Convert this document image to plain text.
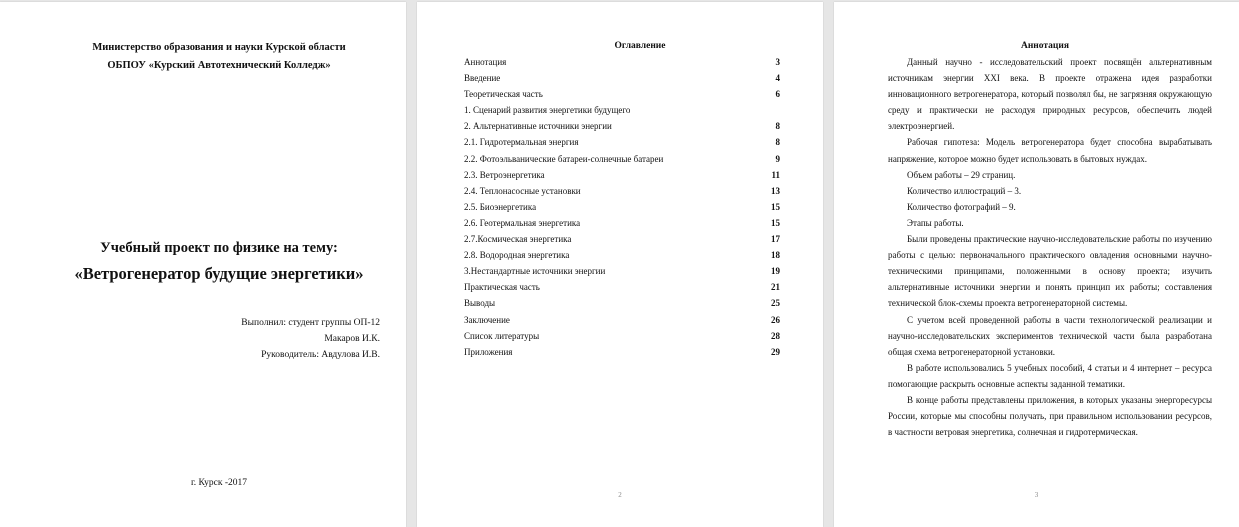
Министерство образования и науки Курской области
ОБПОУ «Курский Автотехнический Колледж»
Учебный проект по физике на тему:
«Ветрогенератор будущие энергетики»
Выполнил: студент группы ОП-12
Макаров И.К.
Руководитель: Авдулова И.В.
г. Курск -2017
Оглавление
Аннотация	3
Введение	4
Теоретическая часть	6
1. Сценарий развития энергетики будущего
2. Альтернативные источники энергии	8
2.1. Гидротермальная энергия	8
2.2. Фотоэльванические батареи-солнечные батареи	9
2.3. Ветроэнергетика	11
2.4. Теплонасосные установки	13
2.5. Биоэнергетика	15
2.6. Геотермальная энергетика	15
2.7.Космическая энергетика	17
2.8. Водородная энергетика	18
3.Нестандартные источники энергии	19
Практическая часть	21
Выводы	25
Заключение	26
Список литературы	28
Приложения	29
2
Аннотация

Данный научно - исследовательский проект посвящён альтернативным источникам энергии XXI века. В проекте отражена идея разработки инновационного ветрогенератора, который позволял бы, не загрязняя окружающую среду и практически не расходуя природных ресурсов, обеспечить людей электроэнергией.

Рабочая гипотеза: Модель ветрогенератора будет способна вырабатывать напряжение, которое можно будет использовать в бытовых нуждах.

Объем работы – 29 страниц.

Количество иллюстраций – 3.

Количество фотографий – 9.

Этапы работы.

Были проведены практические научно-исследовательские работы по изучению работы с целью: первоначального практического овладения основными научно-техническими принципами, положенными в основу проекта; изучить альтернативные источники энергии и понять принцип их работы; составления технической блок-схемы проекта ветрогенераторной системы.

С учетом всей проведенной работы в части технологической реализации и научно-исследовательских экспериментов технической части была разработана общая схема ветрогенераторной установки.

В работе использовались 5 учебных пособий, 4 статьи и 4 интернет – ресурса помогающие раскрыть основные аспекты заданной тематики.

В конце работы представлены приложения, в которых указаны энергоресурсы России, которые мы способны получать, при правильном использовании ресурсов, в частности ветровая энергетика, солнечная и гидротермическая.

3
